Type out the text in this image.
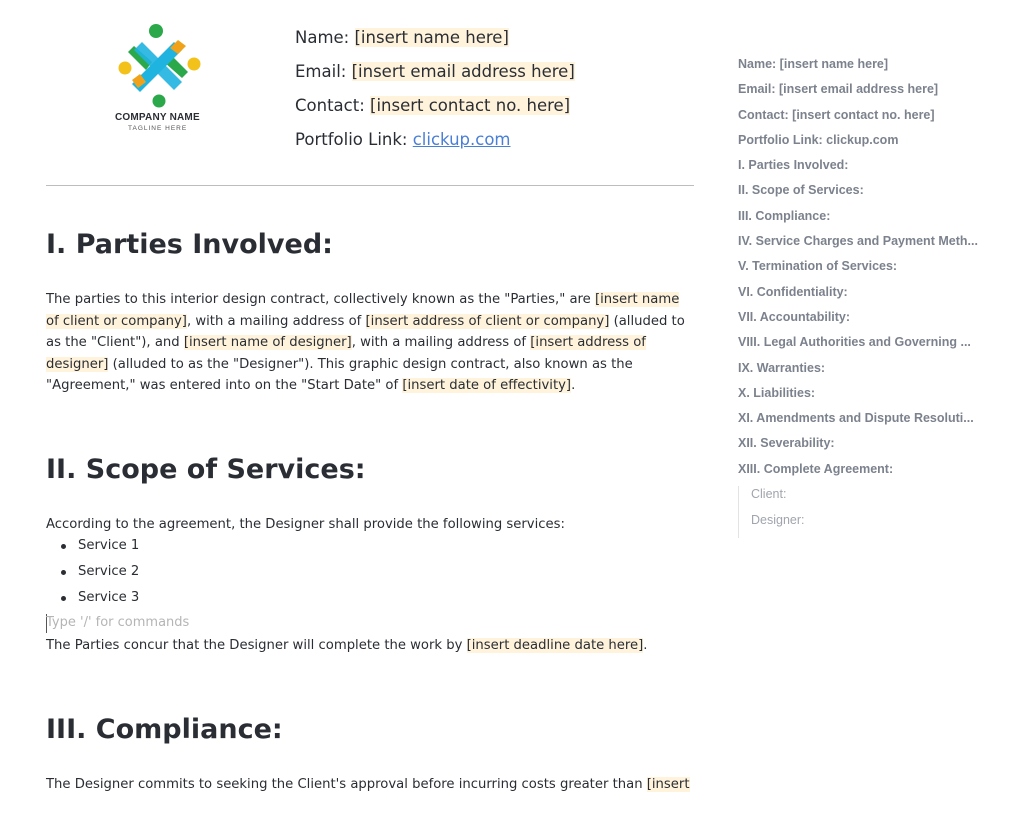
COMPANY NAME
TAGLINE HERE
Name: [insert name here]
Email: [insert email address here]
Contact: [insert contact no. here]
Portfolio Link: clickup.com
I. Parties Involved:
The parties to this interior design contract, collectively known as the "Parties," are [insert name of client or company], with a mailing address of [insert address of client or company] (alluded to as the "Client"), and [insert name of designer], with a mailing address of [insert address of designer] (alluded to as the "Designer"). This graphic design contract, also known as the "Agreement," was entered into on the "Start Date" of [insert date of effectivity].
II. Scope of Services:
According to the agreement, the Designer shall provide the following services:
Service 1
Service 2
Service 3
Type '/' for commands
The Parties concur that the Designer will complete the work by [insert deadline date here].
III. Compliance:
The Designer commits to seeking the Client's approval before incurring costs greater than [insert
Name: [insert name here]
Email: [insert email address here]
Contact: [insert contact no. here]
Portfolio Link: clickup.com
I. Parties Involved:
II. Scope of Services:
III. Compliance:
IV. Service Charges and Payment Meth...
V. Termination of Services:
VI. Confidentiality:
VII. Accountability:
VIII. Legal Authorities and Governing ...
IX. Warranties:
X. Liabilities:
XI. Amendments and Dispute Resoluti...
XII. Severability:
XIII. Complete Agreement:
Client:
Designer:
